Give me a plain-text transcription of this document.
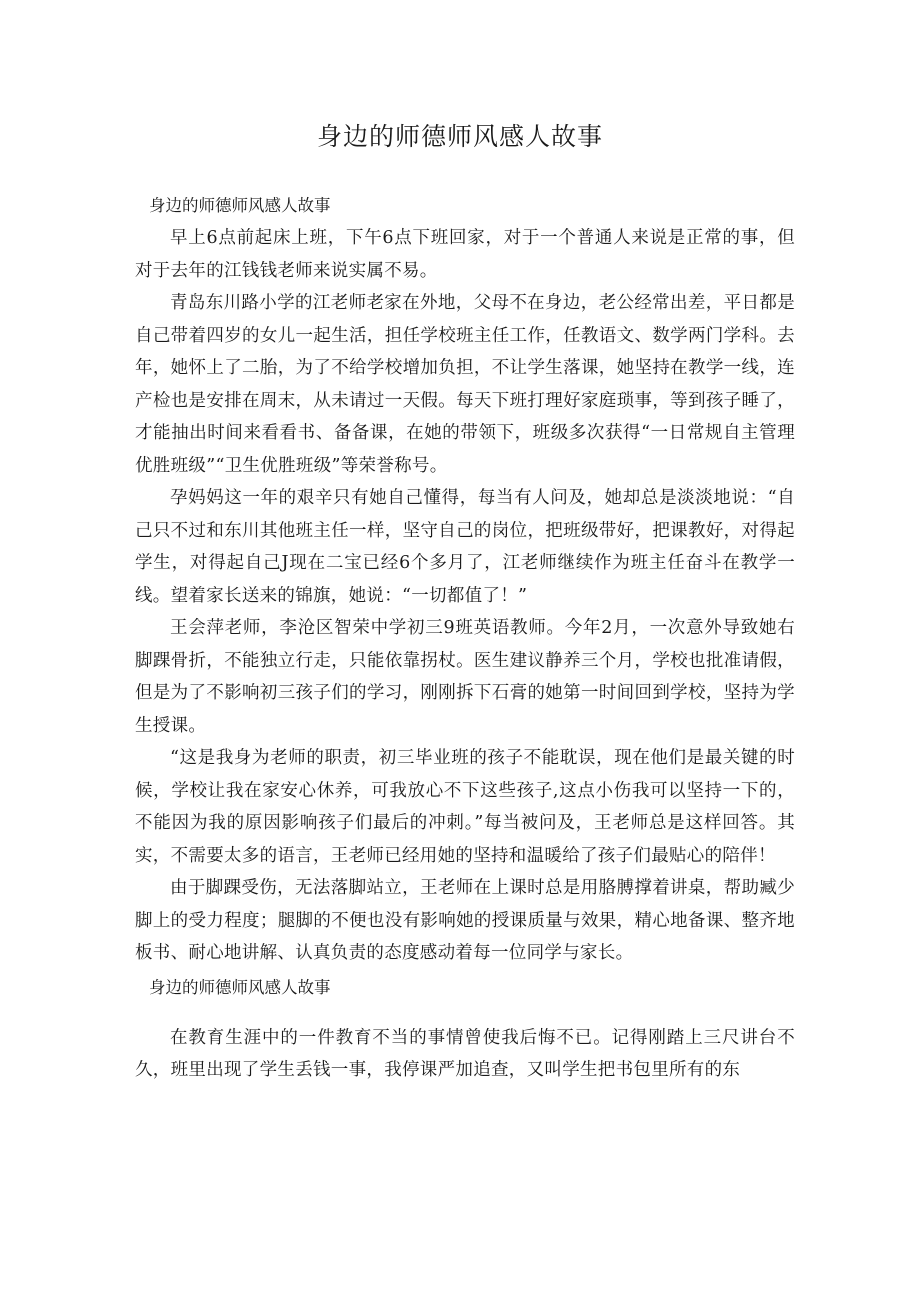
身边的师德师风感人故事
身边的师德师风感人故事

早上6点前起床上班，下午6点下班回家，对于一个普通人来说是正常的事，但对于去年的江钱钱老师来说实属不易。

青岛东川路小学的江老师老家在外地，父母不在身边，老公经常出差，平日都是自己带着四岁的女儿一起生活，担任学校班主任工作，任教语文、数学两门学科。去年，她怀上了二胎，为了不给学校增加负担，不让学生落课，她坚持在教学一线，连产检也是安排在周末，从未请过一天假。每天下班打理好家庭琐事，等到孩子睡了，才能抽出时间来看看书、备备课，在她的带领下，班级多次获得“一日常规自主管理优胜班级”“卫生优胜班级”等荣誉称号。

孕妈妈这一年的艰辛只有她自己懂得，每当有人问及，她却总是淡淡地说：“自己只不过和东川其他班主任一样，坚守自己的岗位，把班级带好，把课教好，对得起学生，对得起自己J现在二宝已经6个多月了，江老师继续作为班主任奋斗在教学一线。望着家长送来的锦旗，她说：“一切都值了！”

王会萍老师，李沧区智荣中学初三9班英语教师。今年2月，一次意外导致她右脚踝骨折，不能独立行走，只能依靠拐杖。医生建议静养三个月，学校也批准请假，但是为了不影响初三孩子们的学习，刚刚拆下石膏的她第一时间回到学校，坚持为学生授课。

“这是我身为老师的职责，初三毕业班的孩子不能耽误，现在他们是最关键的时候，学校让我在家安心休养，可我放心不下这些孩子,这点小伤我可以坚持一下的，不能因为我的原因影响孩子们最后的冲刺。”每当被问及，王老师总是这样回答。其实，不需要太多的语言，王老师已经用她的坚持和温暖给了孩子们最贴心的陪伴！

由于脚踝受伤，无法落脚站立，王老师在上课时总是用胳膊撑着讲桌，帮助臧少脚上的受力程度；腿脚的不便也没有影响她的授课质量与效果，精心地备课、整齐地板书、耐心地讲解、认真负责的态度感动着每一位同学与家长。

身边的师德师风感人故事

在教育生涯中的一件教育不当的事情曾使我后悔不已。记得刚踏上三尺讲台不久，班里出现了学生丢钱一事，我停课严加追查，又叫学生把书包里所有的东
